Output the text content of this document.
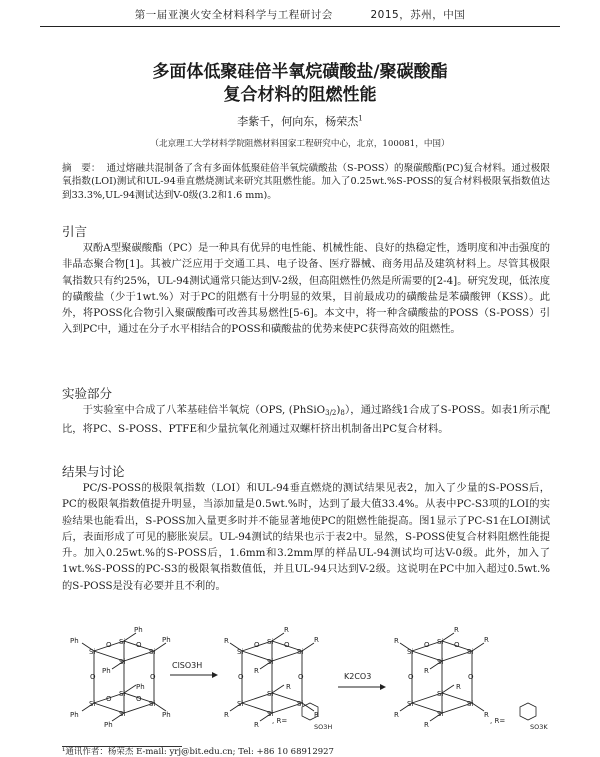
第一届亚澳火安全材料科学与工程研讨会	2015，苏州，中国
多面体低聚硅倍半氧烷磺酸盐/聚碳酸酯
复合材料的阻燃性能
李紫千，何向东，杨荣杰$^1$
（北京理工大学材料学院阻燃材料国家工程研究中心，北京，100081，中国）
摘　要： 通过熔融共混制备了含有多面体低聚硅倍半氧烷磺酸盐（S-POSS）的聚碳酸酯(PC)复合材料。通过极限氧指数(LOI)测试和UL-94垂直燃烧测试来研究其阻燃性能。加入了0.25wt.%S-POSS的复合材料极限氧指数值达到33.3%,UL-94测试达到V-0级(3.2和1.6 mm)。
引言
双酚A型聚碳酸酯（PC）是一种具有优异的电性能、机械性能、良好的热稳定性，透明度和冲击强度的非晶态聚合物[1]。其被广泛应用于交通工具、电子设备、医疗器械、商务用品及建筑材料上。尽管其极限氧指数只有约25%，UL-94测试通常只能达到V-2级，但高阻燃性仍然是所需要的[2-4]。研究发现，低浓度的磺酸盐（少于1wt.%）对于PC的阻燃有十分明显的效果，目前最成功的磺酸盐是苯磺酸钾（KSS）。此外，将POSS化合物引入聚碳酸酯可改善其易燃性[5-6]。本文中，将一种含磺酸盐的POSS（S-POSS）引入到PC中，通过在分子水平相结合的POSS和磺酸盐的优势来使PC获得高效的阻燃性。
实验部分
于实验室中合成了八苯基硅倍半氧烷（OPS, $(PhSiO_{3/2})_8$），通过路线1合成了S-POSS。如表1所示配比，将PC、S-POSS、PTFE和少量抗氧化剂通过双螺杆挤出机制备出PC复合材料。
结果与讨论
PC/S-POSS的极限氧指数（LOI）和UL-94垂直燃烧的测试结果见表2，加入了少量的S-POSS后，PC的极限氧指数值提升明显，当添加量是0.5wt.%时，达到了最大值33.4%。从表中PC-S3项的LOI的实验结果也能看出，S-POSS加入量更多时并不能显著地使PC的阻燃性能提高。图1显示了PC-S1在LOI测试后，表面形成了可见的膨胀炭层。UL-94测试的结果也示于表2中。显然，S-POSS使复合材料阻燃性能提升。加入0.25wt.%的S-POSS后，1.6mm和3.2mm厚的样品UL-94测试均可达V-0级。此外，加入了1wt.%S-POSS的PC-S3的极限氧指数值低，并且UL-94只达到V-2级。这说明在PC中加入超过0.5wt.%的S-POSS是没有必要并且不利的。
Ph
Ph
Ph
Ph
Ph
Ph
Ph
Ph
Si
Si
Si
Si
Si
Si
Si
Si
O	O
O	O
O	O
ClSO3H
R
R
R
R
R
R
R
R
Si
Si
Si
Si
Si
Si
Si
Si
O	O
O	O
, R=
SO3H
K2CO3
R
R
R
R
R
R
R
R
Si
Si
Si
Si
Si
Si
Si
Si
O	O
O	O
, R=
SO3K
¹通讯作者：杨荣杰 E-mail: yrj@bit.edu.cn; Tel: +86 10 68912927
